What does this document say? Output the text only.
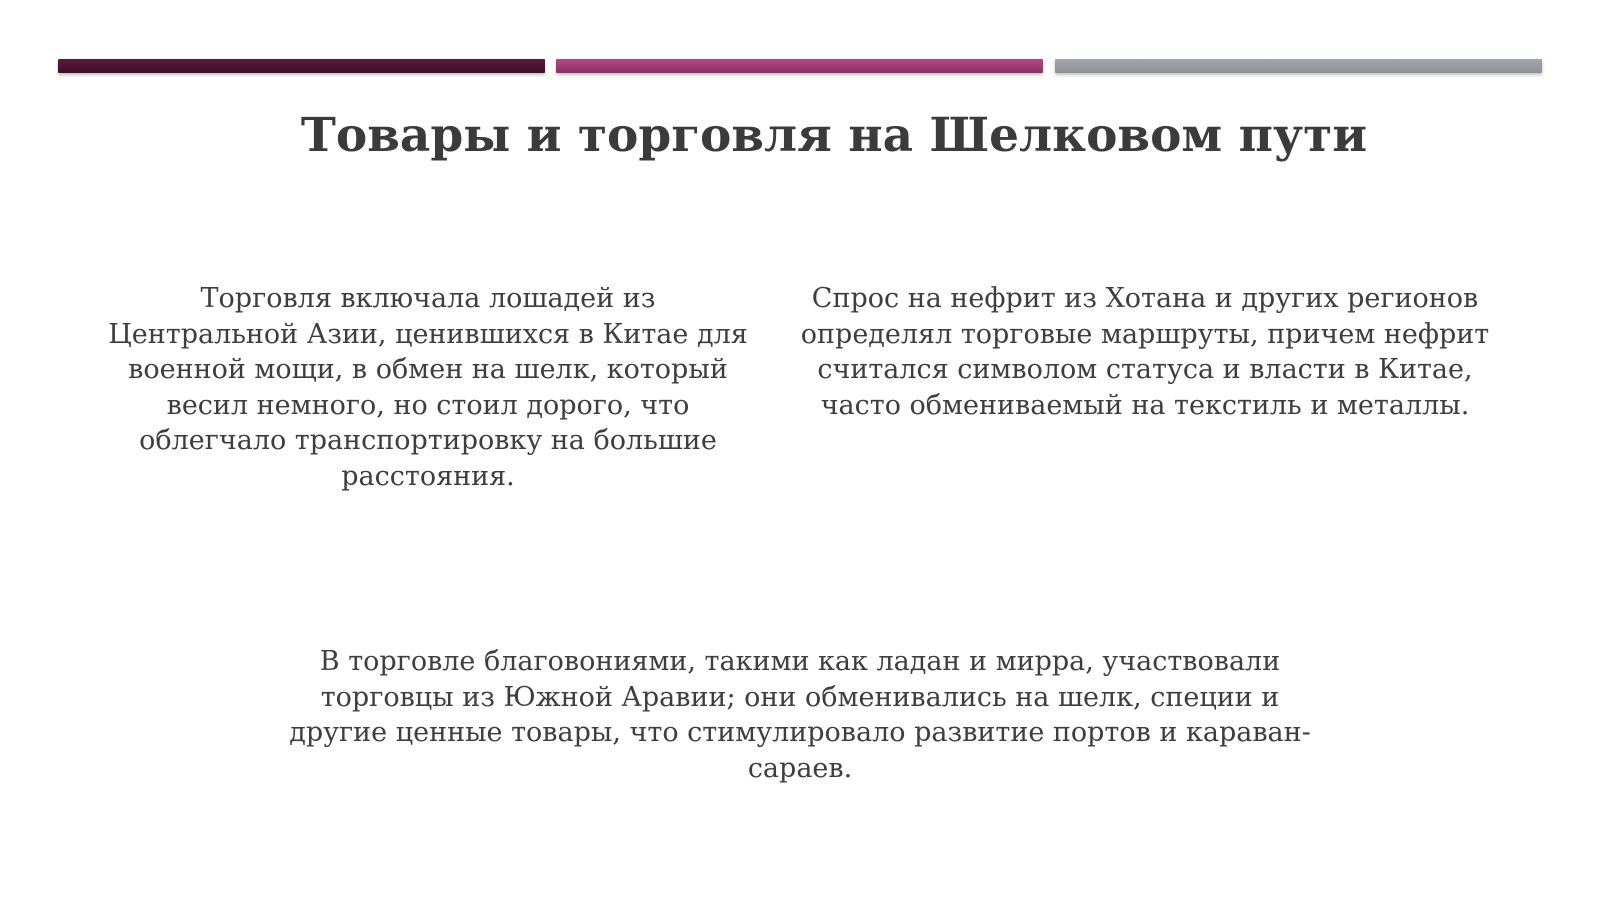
Товары и торговля на Шелковом пути

Торговля включала лошадей из Центральной Азии, ценившихся в Китае для военной мощи, в обмен на шелк, который весил немного, но стоил дорого, что облегчало транспортировку на большие расстояния.

Спрос на нефрит из Хотана и других регионов определял торговые маршруты, причем нефрит считался символом статуса и власти в Китае, часто обмениваемый на текстиль и металлы.

В торговле благовониями, такими как ладан и мирра, участвовали торговцы из Южной Аравии; они обменивались на шелк, специи и другие ценные товары, что стимулировало развитие портов и караван-сараев.
